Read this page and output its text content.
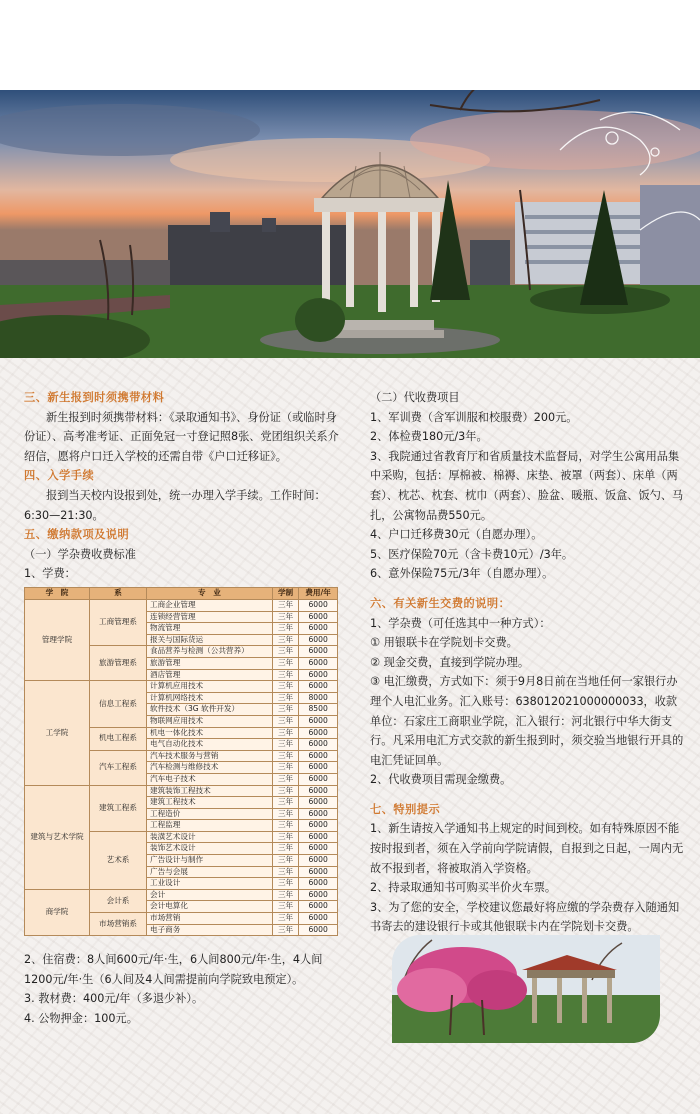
三、新生报到时须携带材料

新生报到时须携带材料：《录取通知书》、身份证（或临时身份证）、高考准考证、正面免冠一寸登记照8张、党团组织关系介绍信，愿将户口迁入学校的还需自带《户口迁移证》。

四、入学手续

报到当天校内设报到处，统一办理入学手续。工作时间：

6:30—21:30。

五、缴纳款项及说明

（一）学杂费收费标准

1、学费：

学　院	系	专　业	学制	费用/年
管理学院	工商管理系	工商企业管理	三年	6000
		连锁经营管理	三年	6000
		物流管理	三年	6000
		报关与国际货运	三年	6000
	旅游管理系	食品营养与检测（公共营养）	三年	6000
		旅游管理	三年	6000
		酒店管理	三年	6000
工学院	信息工程系	计算机应用技术	三年	6000
		计算机网络技术	三年	8000
		软件技术（3G 软件开发）	三年	8500
		物联网应用技术	三年	6000
	机电工程系	机电一体化技术	三年	6000
		电气自动化技术	三年	6000
	汽车工程系	汽车技术服务与营销	三年	6000
		汽车检测与维修技术	三年	6000
		汽车电子技术	三年	6000
建筑与艺术学院	建筑工程系	建筑装饰工程技术	三年	6000
		建筑工程技术	三年	6000
		工程造价	三年	6000
		工程监理	三年	6000
	艺术系	装潢艺术设计	三年	6000
		装饰艺术设计	三年	6000
		广告设计与制作	三年	6000
		广告与会展	三年	6000
		工业设计	三年	6000
商学院	会计系	会计	三年	6000
		会计电算化	三年	6000
	市场营销系	市场营销	三年	6000
		电子商务	三年	6000

2、住宿费：8人间600元/年·生，6人间800元/年·生，4人间1200元/年·生（6人间及4人间需提前向学院致电预定）。

3. 教材费：400元/年（多退少补）。

4. 公物押金：100元。

（二）代收费项目

1、军训费（含军训服和校服费）200元。

2、体检费180元/3年。

3、我院通过省教育厅和省质量技术监督局，对学生公寓用品集中采购，包括：厚棉被、棉褥、床垫、被罩（两套）、床单（两套）、枕芯、枕套、枕巾（两套）、脸盆、暖瓶、饭盒、饭勺、马扎，公寓物品费550元。

4、户口迁移费30元（自愿办理）。

5、医疗保险70元（含卡费10元）/3年。

6、意外保险75元/3年（自愿办理）。

六、有关新生交费的说明：

1、学杂费（可任选其中一种方式）：

① 用银联卡在学院划卡交费。

② 现金交费，直接到学院办理。

③ 电汇缴费，方式如下：须于9月8日前在当地任何一家银行办理个人电汇业务。汇入账号：638012021000000033，收款单位：石家庄工商职业学院，汇入银行：河北银行中华大街支行。凡采用电汇方式交款的新生报到时，须交验当地银行开具的电汇凭证回单。

2、代收费项目需现金缴费。

七、特别提示

1、新生请按入学通知书上规定的时间到校。如有特殊原因不能按时报到者，须在入学前向学院请假，自报到之日起，一周内无故不报到者，将被取消入学资格。

2、持录取通知书可购买半价火车票。

3、为了您的安全，学校建议您最好将应缴的学杂费存入随通知书寄去的建设银行卡或其他银联卡内在学院划卡交费。
